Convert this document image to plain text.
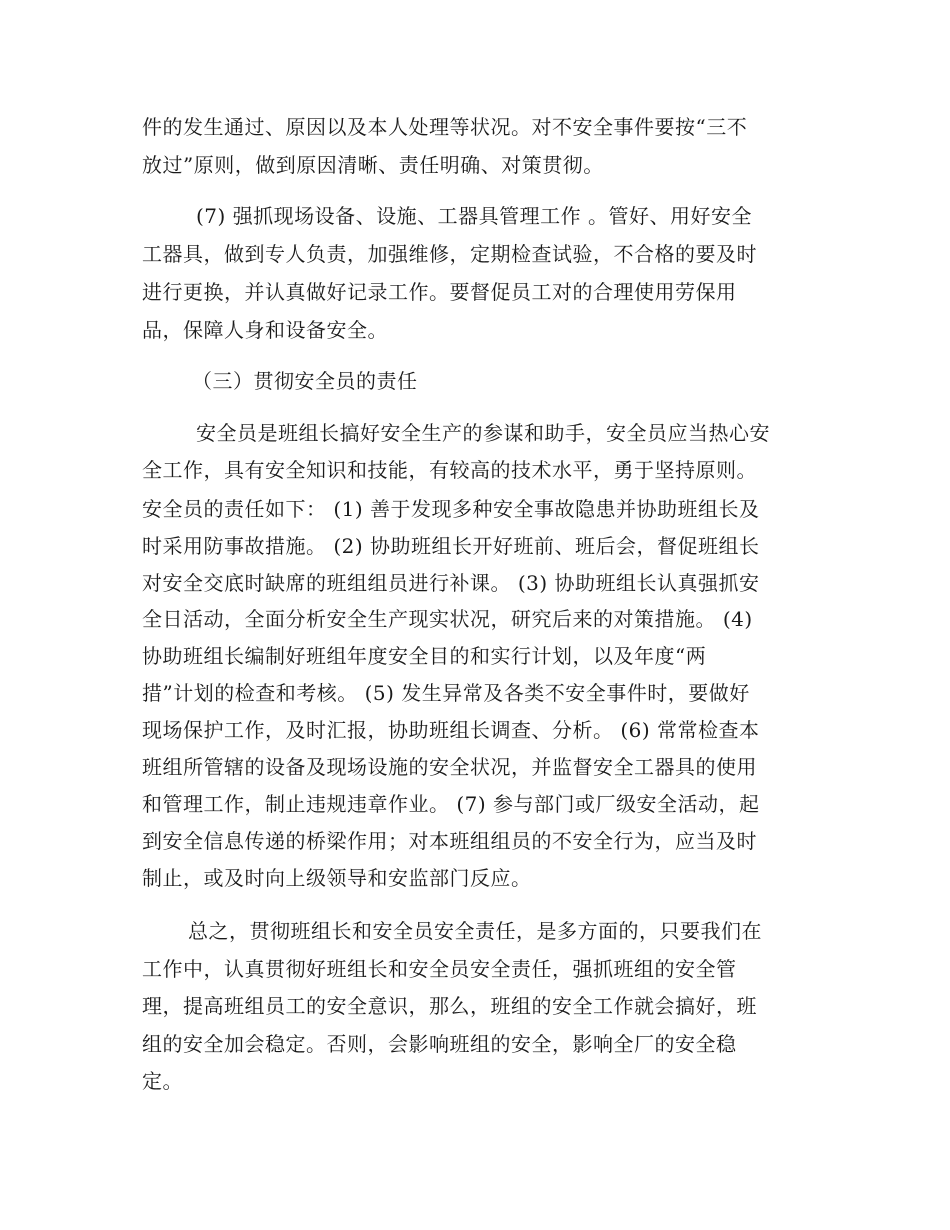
件的发生通过、原因以及本人处理等状况。对不安全事件要按“三不
放过”原则，做到原因清晰、责任明确、对策贯彻。
(7) 强抓现场设备、设施、工器具管理工作 。管好、用好安全
工器具，做到专人负责，加强维修，定期检查试验，不合格的要及时
进行更换，并认真做好记录工作。要督促员工对的合理使用劳保用
品，保障人身和设备安全。
（三）贯彻安全员的责任
安全员是班组长搞好安全生产的参谋和助手，安全员应当热心安
全工作，具有安全知识和技能，有较高的技术水平，勇于坚持原则。
安全员的责任如下： (1) 善于发现多种安全事故隐患并协助班组长及
时采用防事故措施。 (2) 协助班组长开好班前、班后会，督促班组长
对安全交底时缺席的班组组员进行补课。 (3) 协助班组长认真强抓安
全日活动，全面分析安全生产现实状况，研究后来的对策措施。 (4)
协助班组长编制好班组年度安全目的和实行计划，以及年度“两
措”计划的检查和考核。 (5) 发生异常及各类不安全事件时，要做好
现场保护工作，及时汇报，协助班组长调查、分析。 (6) 常常检查本
班组所管辖的设备及现场设施的安全状况，并监督安全工器具的使用
和管理工作，制止违规违章作业。 (7) 参与部门或厂级安全活动，起
到安全信息传递的桥梁作用；对本班组组员的不安全行为，应当及时
制止，或及时向上级领导和安监部门反应。
总之，贯彻班组长和安全员安全责任，是多方面的，只要我们在
工作中，认真贯彻好班组长和安全员安全责任，强抓班组的安全管
理，提高班组员工的安全意识，那么，班组的安全工作就会搞好，班
组的安全加会稳定。否则，会影响班组的安全，影响全厂的安全稳
定。
